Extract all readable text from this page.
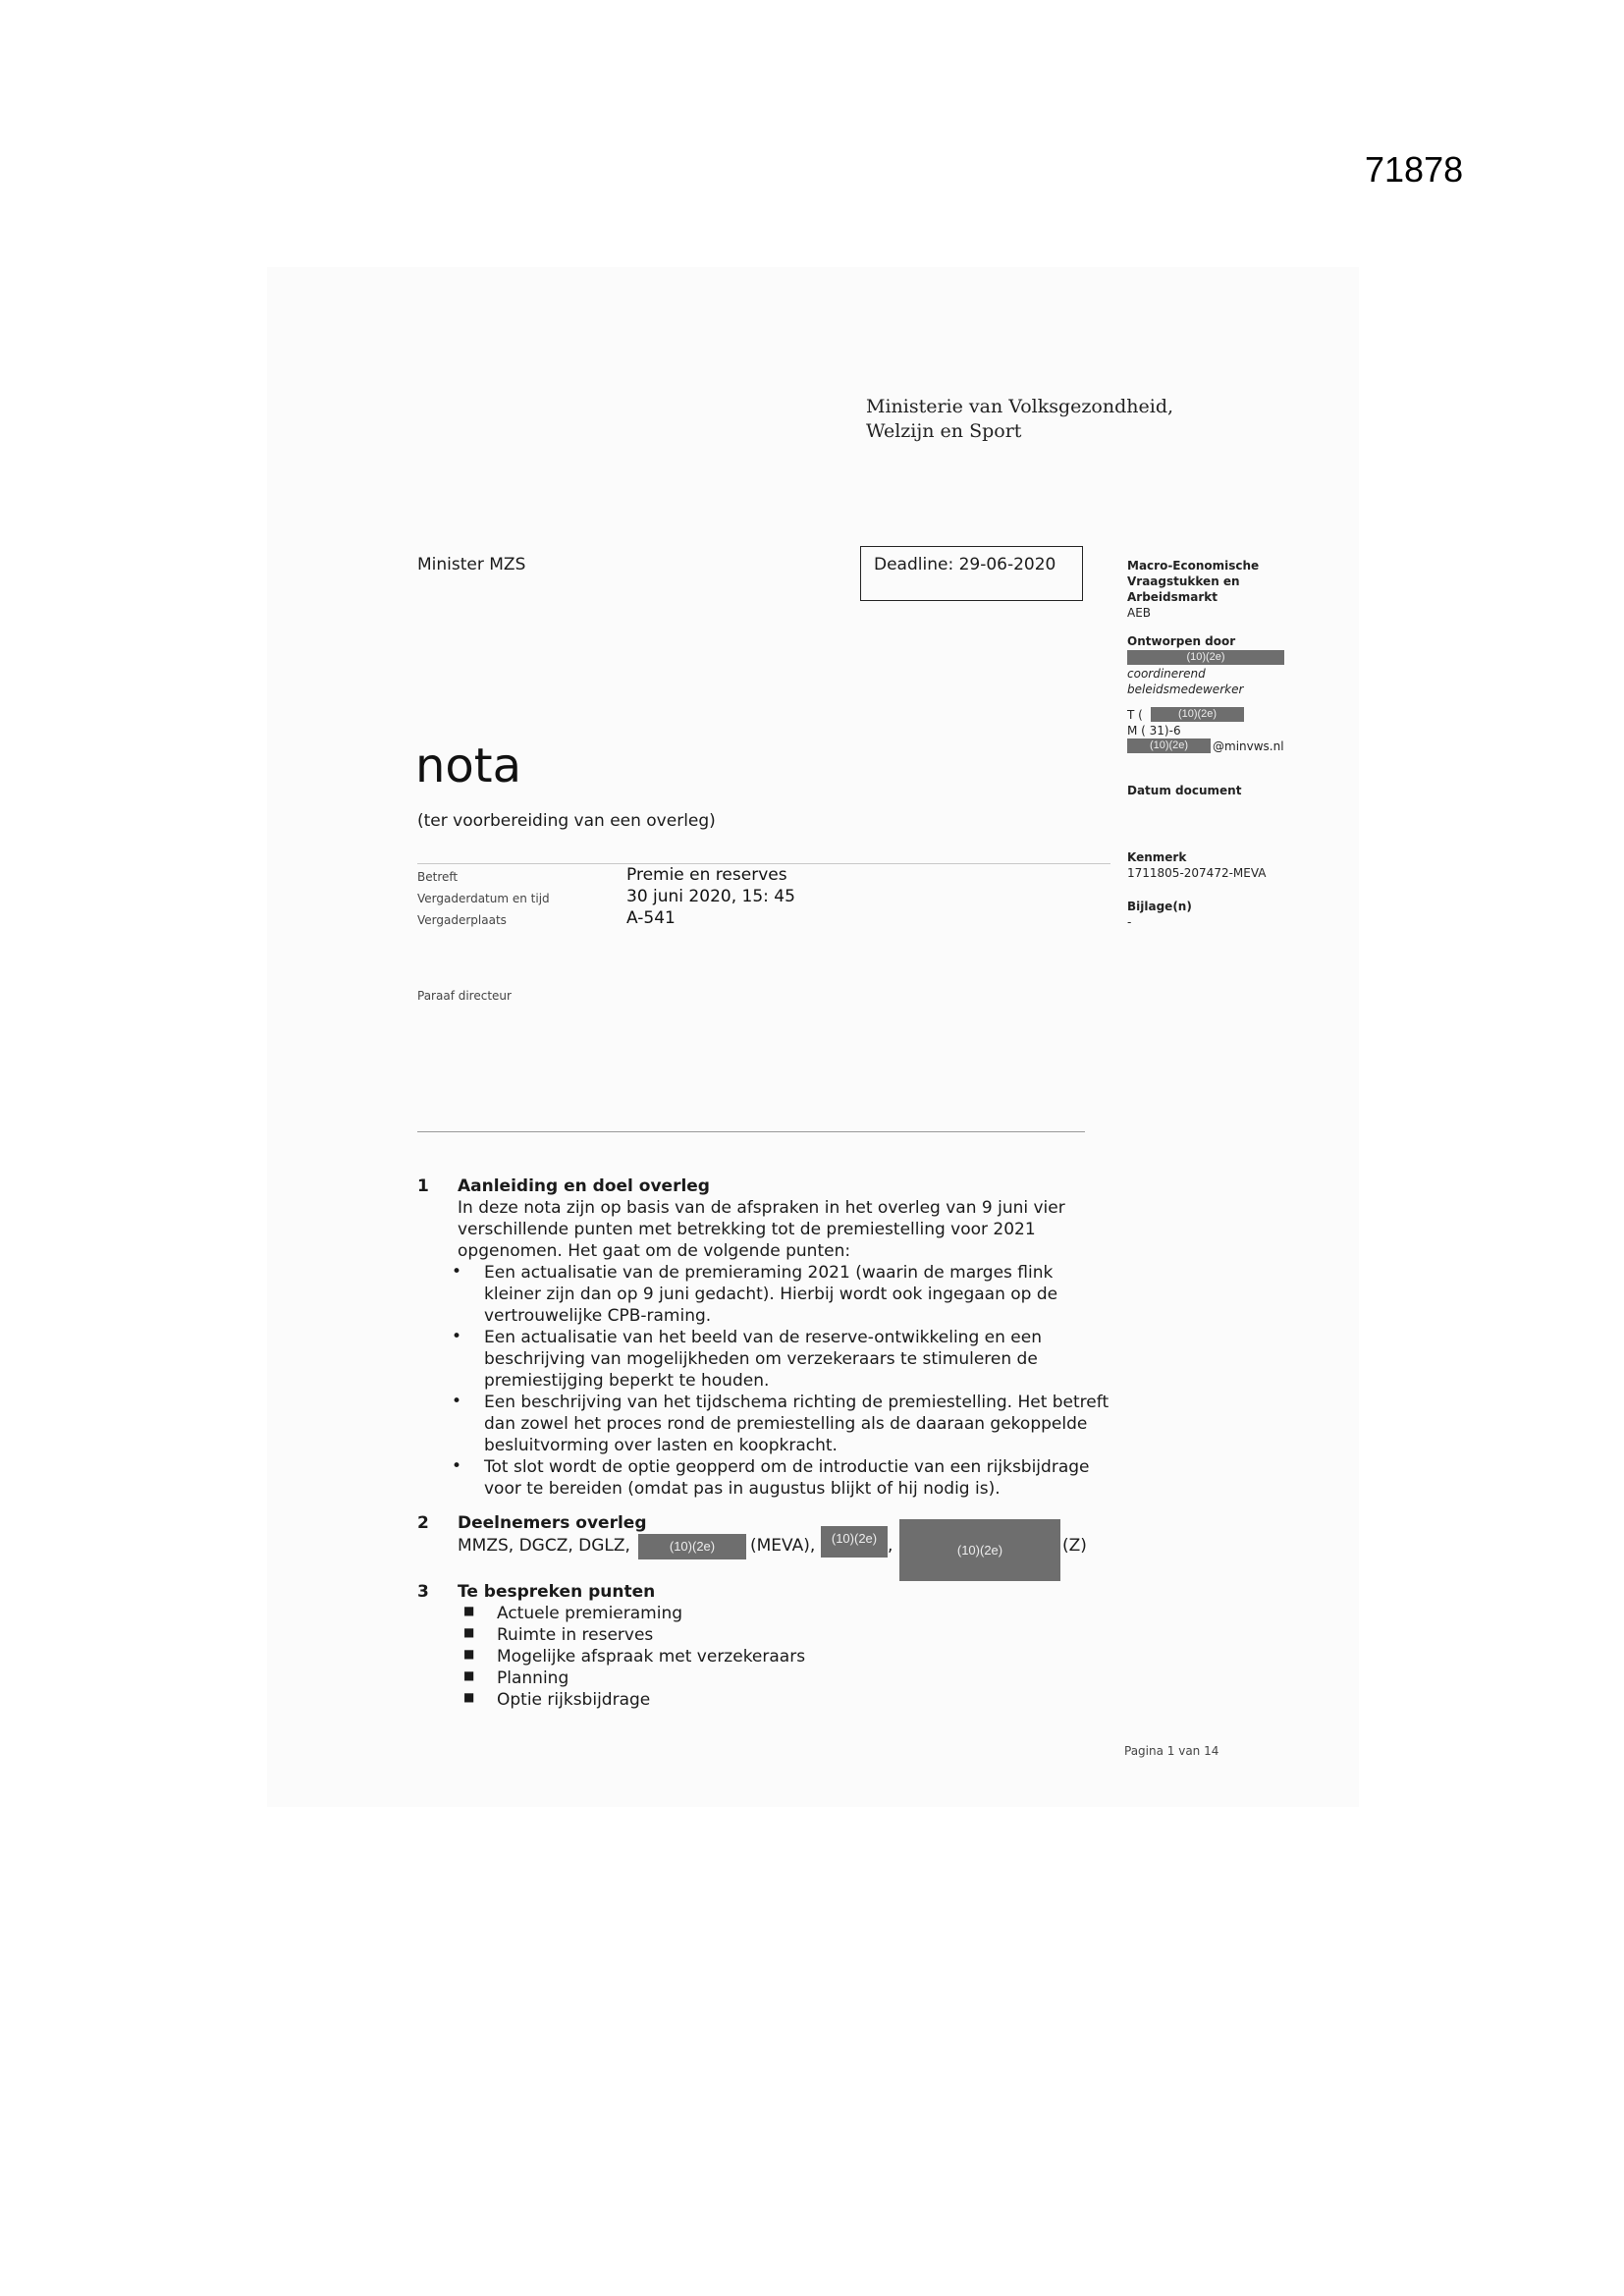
71878
Ministerie van Volksgezondheid,
Welzijn en Sport
Minister MZS	Deadline: 29-06-2020	Macro-Economische
Vraagstukken en
Arbeidsmarkt
AEB
Ontworpen door
(10)(2e)
coordinerend
beleidsmedewerker
T (	(10)(2e)
M ( 31)-6
(10)(2e)	@minvws.nl
Datum document
Kenmerk
1711805-207472-MEVA
Bijlage(n)
-
nota
(ter voorbereiding van een overleg)
Betreft	Premie en reserves
Vergaderdatum en tijd	30 juni 2020, 15: 45
Vergaderplaats	A-541
Paraaf directeur
1 Aanleiding en doel overleg
In deze nota zijn op basis van de afspraken in het overleg van 9 juni vier
verschillende punten met betrekking tot de premiestelling voor 2021
opgenomen. Het gaat om de volgende punten:
• Een actualisatie van de premieraming 2021 (waarin de marges flink
kleiner zijn dan op 9 juni gedacht). Hierbij wordt ook ingegaan op de
vertrouwelijke CPB-raming.
• Een actualisatie van het beeld van de reserve-ontwikkeling en een
beschrijving van mogelijkheden om verzekeraars te stimuleren de
premiestijging beperkt te houden.
• Een beschrijving van het tijdschema richting de premiestelling. Het betreft
dan zowel het proces rond de premiestelling als de daaraan gekoppelde
besluitvorming over lasten en koopkracht.
• Tot slot wordt de optie geopperd om de introductie van een rijksbijdrage
voor te bereiden (omdat pas in augustus blijkt of hij nodig is).
2 Deelnemers overleg
MMZS, DGCZ, DGLZ,	(10)(2e)	(MEVA),	(10)(2e) ,	(10)(2e)	(Z)
3 Te bespreken punten
■ Actuele premieraming
■ Ruimte in reserves
■ Mogelijke afspraak met verzekeraars
■ Planning
■ Optie rijksbijdrage
Pagina 1 van 14
